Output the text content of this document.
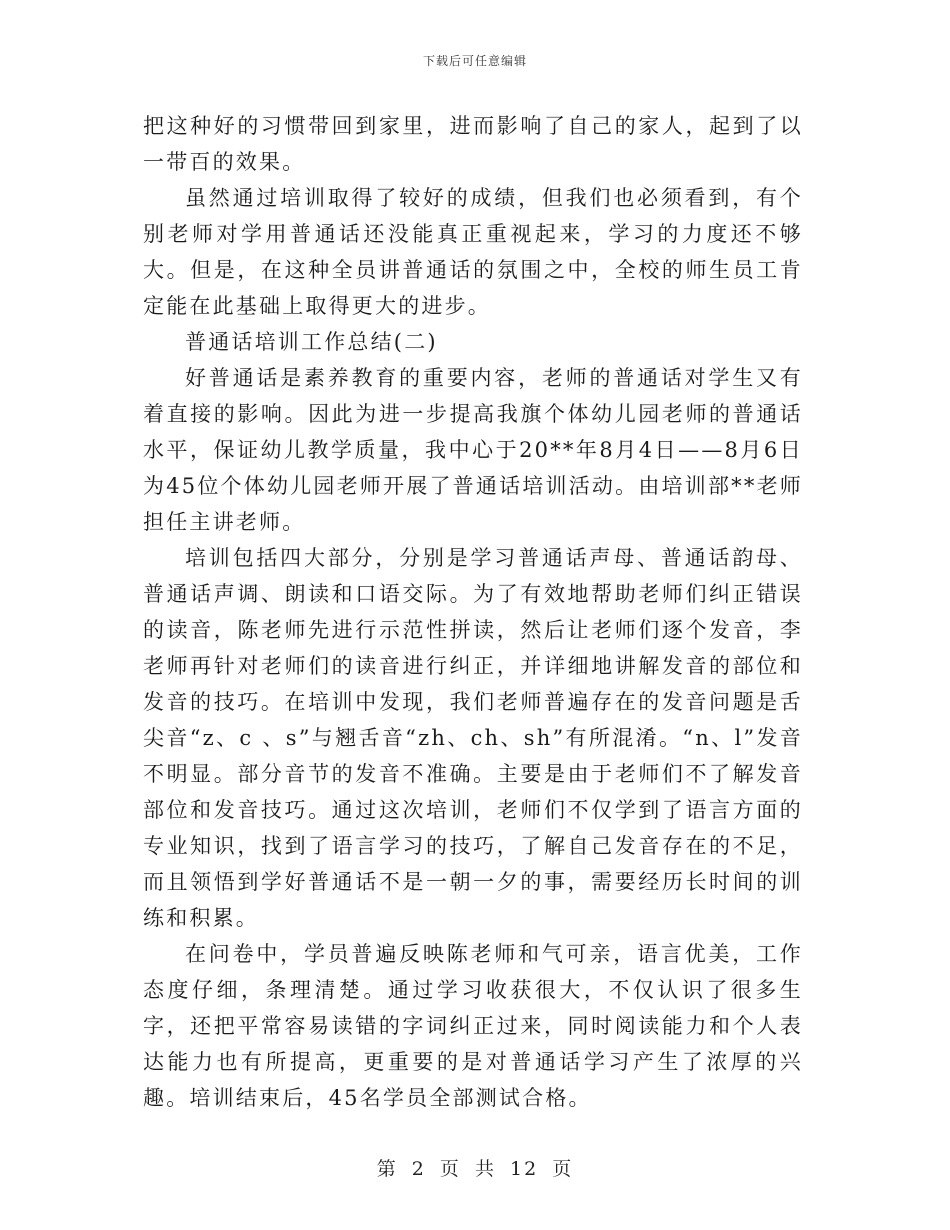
下载后可任意编辑

把这种好的习惯带回到家里，进而影响了自己的家人，起到了以一带百的效果。

虽然通过培训取得了较好的成绩，但我们也必须看到，有个别老师对学用普通话还没能真正重视起来，学习的力度还不够大。但是，在这种全员讲普通话的氛围之中，全校的师生员工肯定能在此基础上取得更大的进步。

普通话培训工作总结(二)

好普通话是素养教育的重要内容，老师的普通话对学生又有着直接的影响。因此为进一步提高我旗个体幼儿园老师的普通话水平，保证幼儿教学质量，我中心于20**年8月4日——8月6日为45位个体幼儿园老师开展了普通话培训活动。由培训部**老师担任主讲老师。

培训包括四大部分，分别是学习普通话声母、普通话韵母、普通话声调、朗读和口语交际。为了有效地帮助老师们纠正错误的读音，陈老师先进行示范性拼读，然后让老师们逐个发音，李老师再针对老师们的读音进行纠正，并详细地讲解发音的部位和发音的技巧。在培训中发现，我们老师普遍存在的发音问题是舌尖音“z、c 、s”与翘舌音“zh、ch、sh”有所混淆。“n、l”发音不明显。部分音节的发音不准确。主要是由于老师们不了解发音部位和发音技巧。通过这次培训，老师们不仅学到了语言方面的专业知识，找到了语言学习的技巧，了解自己发音存在的不足，而且领悟到学好普通话不是一朝一夕的事，需要经历长时间的训练和积累。

在问卷中，学员普遍反映陈老师和气可亲，语言优美，工作态度仔细，条理清楚。通过学习收获很大，不仅认识了很多生字，还把平常容易读错的字词纠正过来，同时阅读能力和个人表达能力也有所提高，更重要的是对普通话学习产生了浓厚的兴趣。培训结束后，45名学员全部测试合格。

第 2 页 共 12 页
